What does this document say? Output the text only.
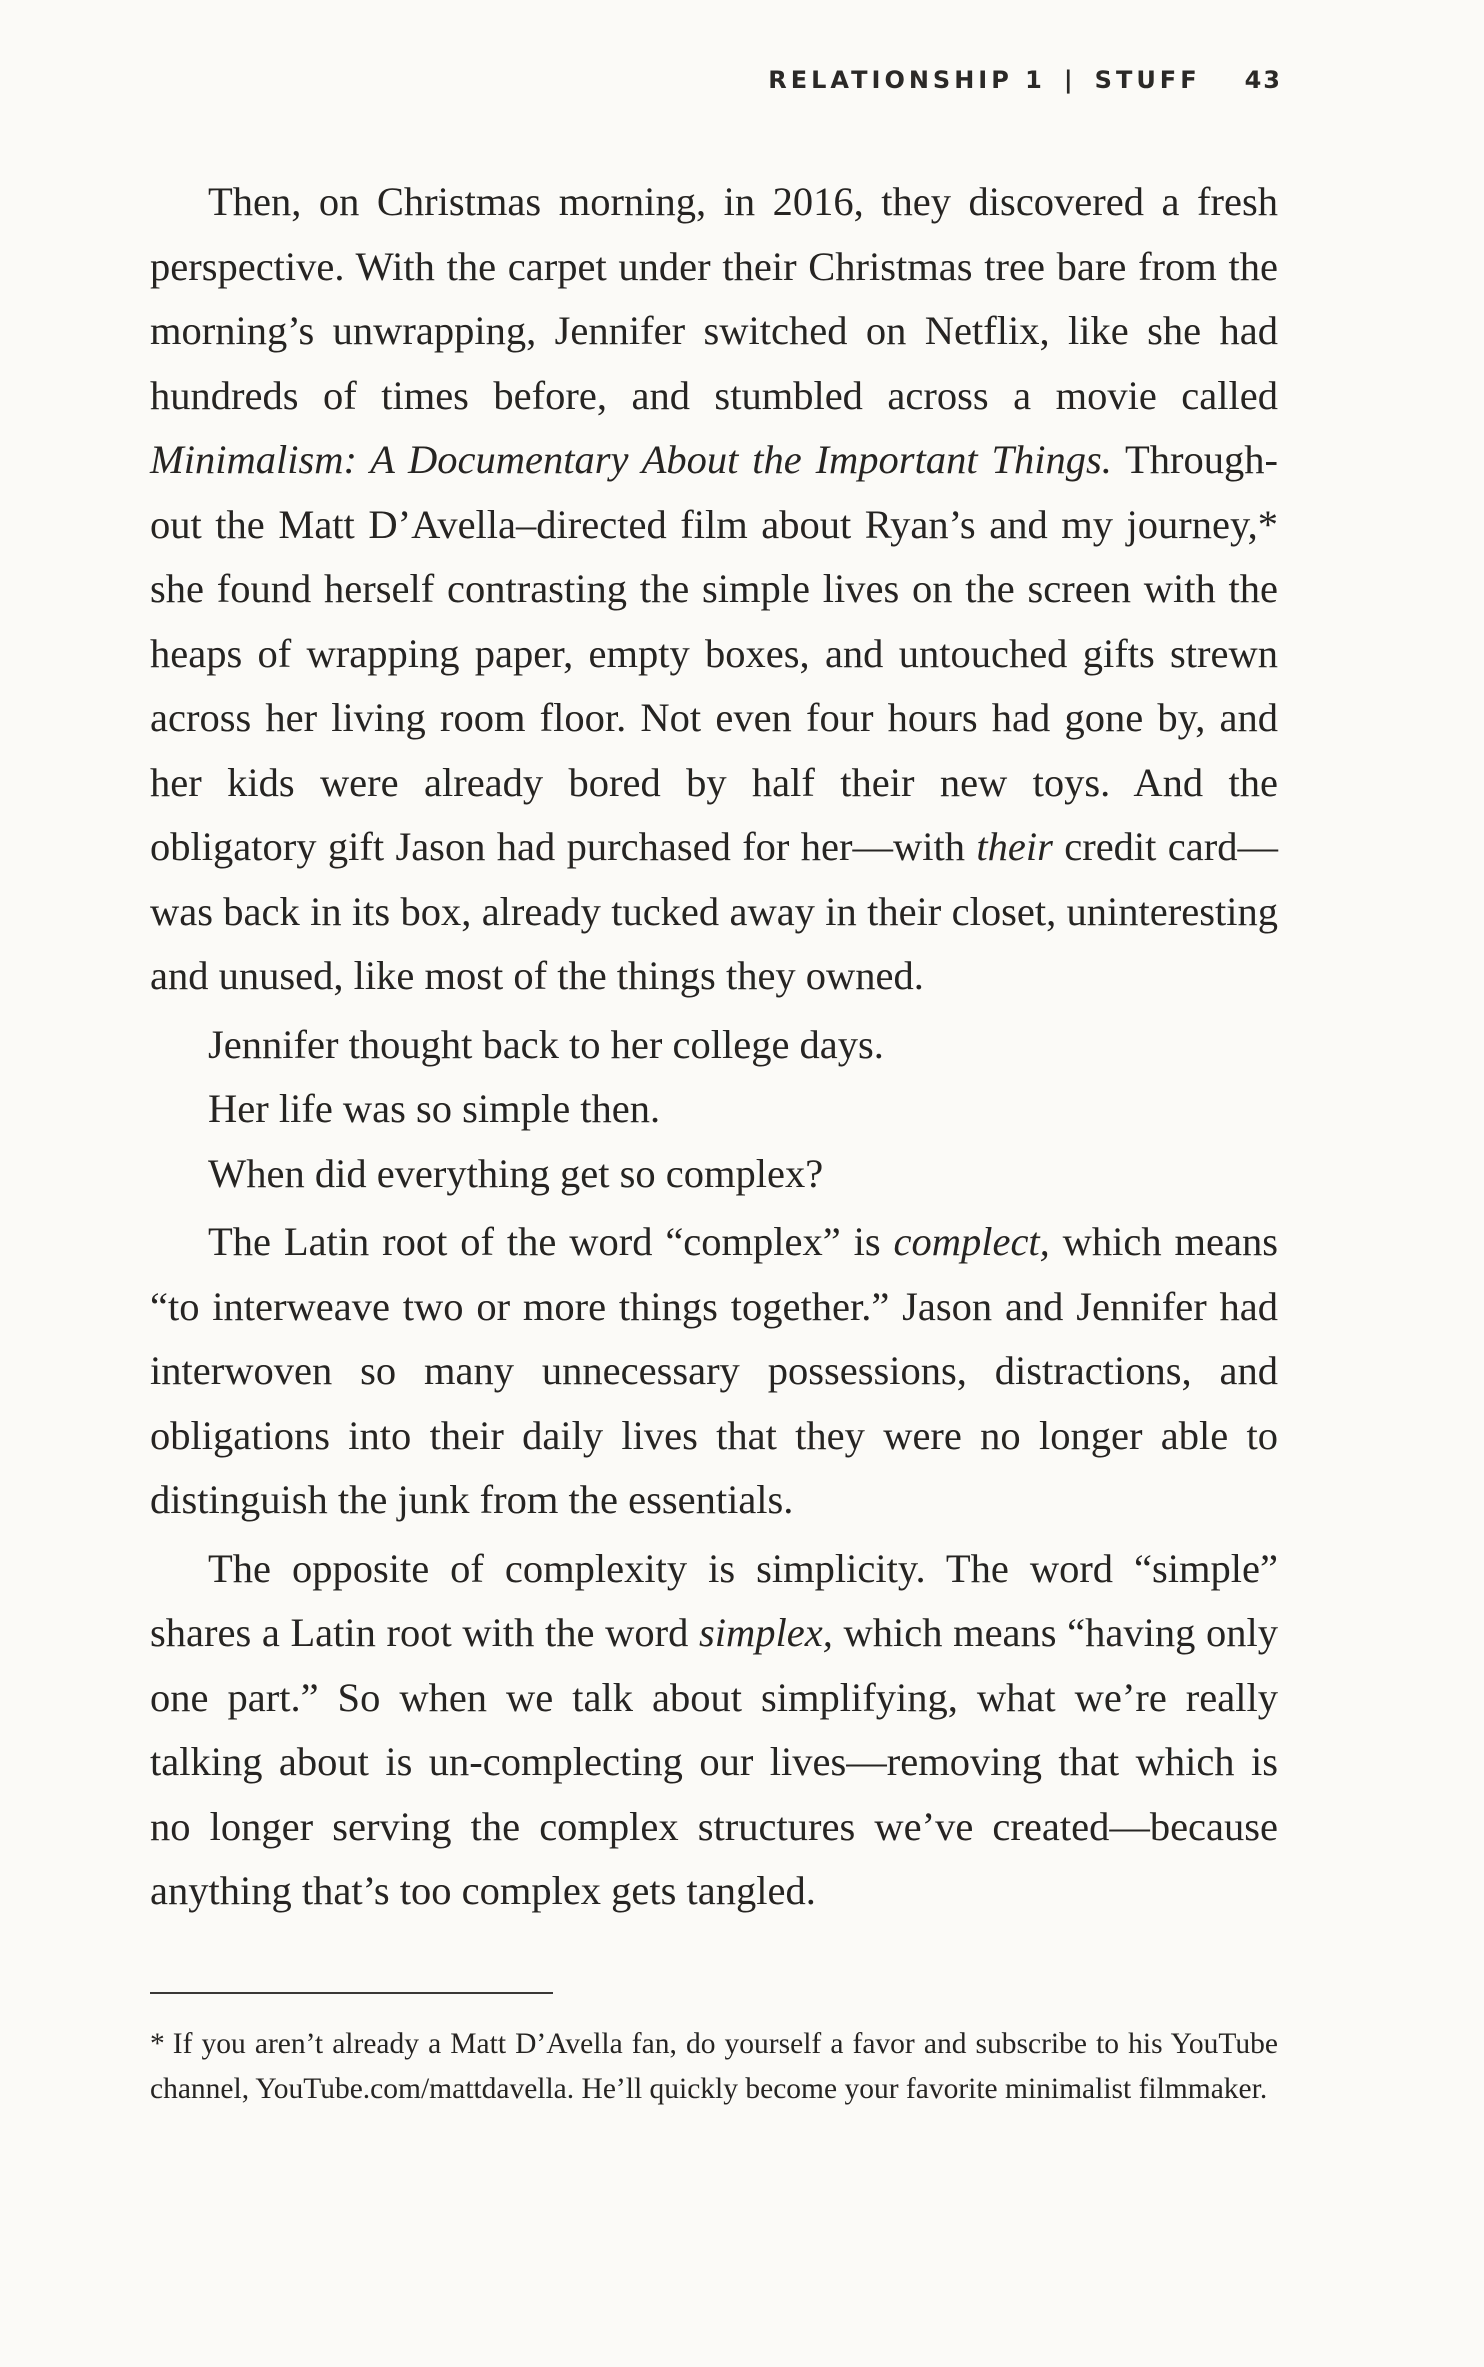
RELATIONSHIP 1 | STUFF 43

Then, on Christmas morning, in 2016, they discovered a fresh perspective. With the carpet under their Christmas tree bare from the morning’s unwrapping, Jennifer switched on Netflix, like she had hundreds of times before, and stumbled across a movie called Minimalism: A Documentary About the Important Things. Throughout the Matt D’Avella–directed film about Ryan’s and my journey,* she found herself contrasting the simple lives on the screen with the heaps of wrapping paper, empty boxes, and untouched gifts strewn across her living room floor. Not even four hours had gone by, and her kids were already bored by half their new toys. And the obligatory gift Jason had purchased for her—with their credit card—was back in its box, already tucked away in their closet, uninteresting and unused, like most of the things they owned.

Jennifer thought back to her college days.

Her life was so simple then.

When did everything get so complex?

The Latin root of the word “complex” is complect, which means “to interweave two or more things together.” Jason and Jennifer had interwoven so many unnecessary possessions, distractions, and obligations into their daily lives that they were no longer able to distinguish the junk from the essentials.

The opposite of complexity is simplicity. The word “simple” shares a Latin root with the word simplex, which means “having only one part.” So when we talk about simplifying, what we’re really talking about is un-complecting our lives—removing that which is no longer serving the complex structures we’ve created—because anything that’s too complex gets tangled.

* If you aren’t already a Matt D’Avella fan, do yourself a favor and subscribe to his YouTube channel, YouTube.com/mattdavella. He’ll quickly become your favorite minimalist filmmaker.
